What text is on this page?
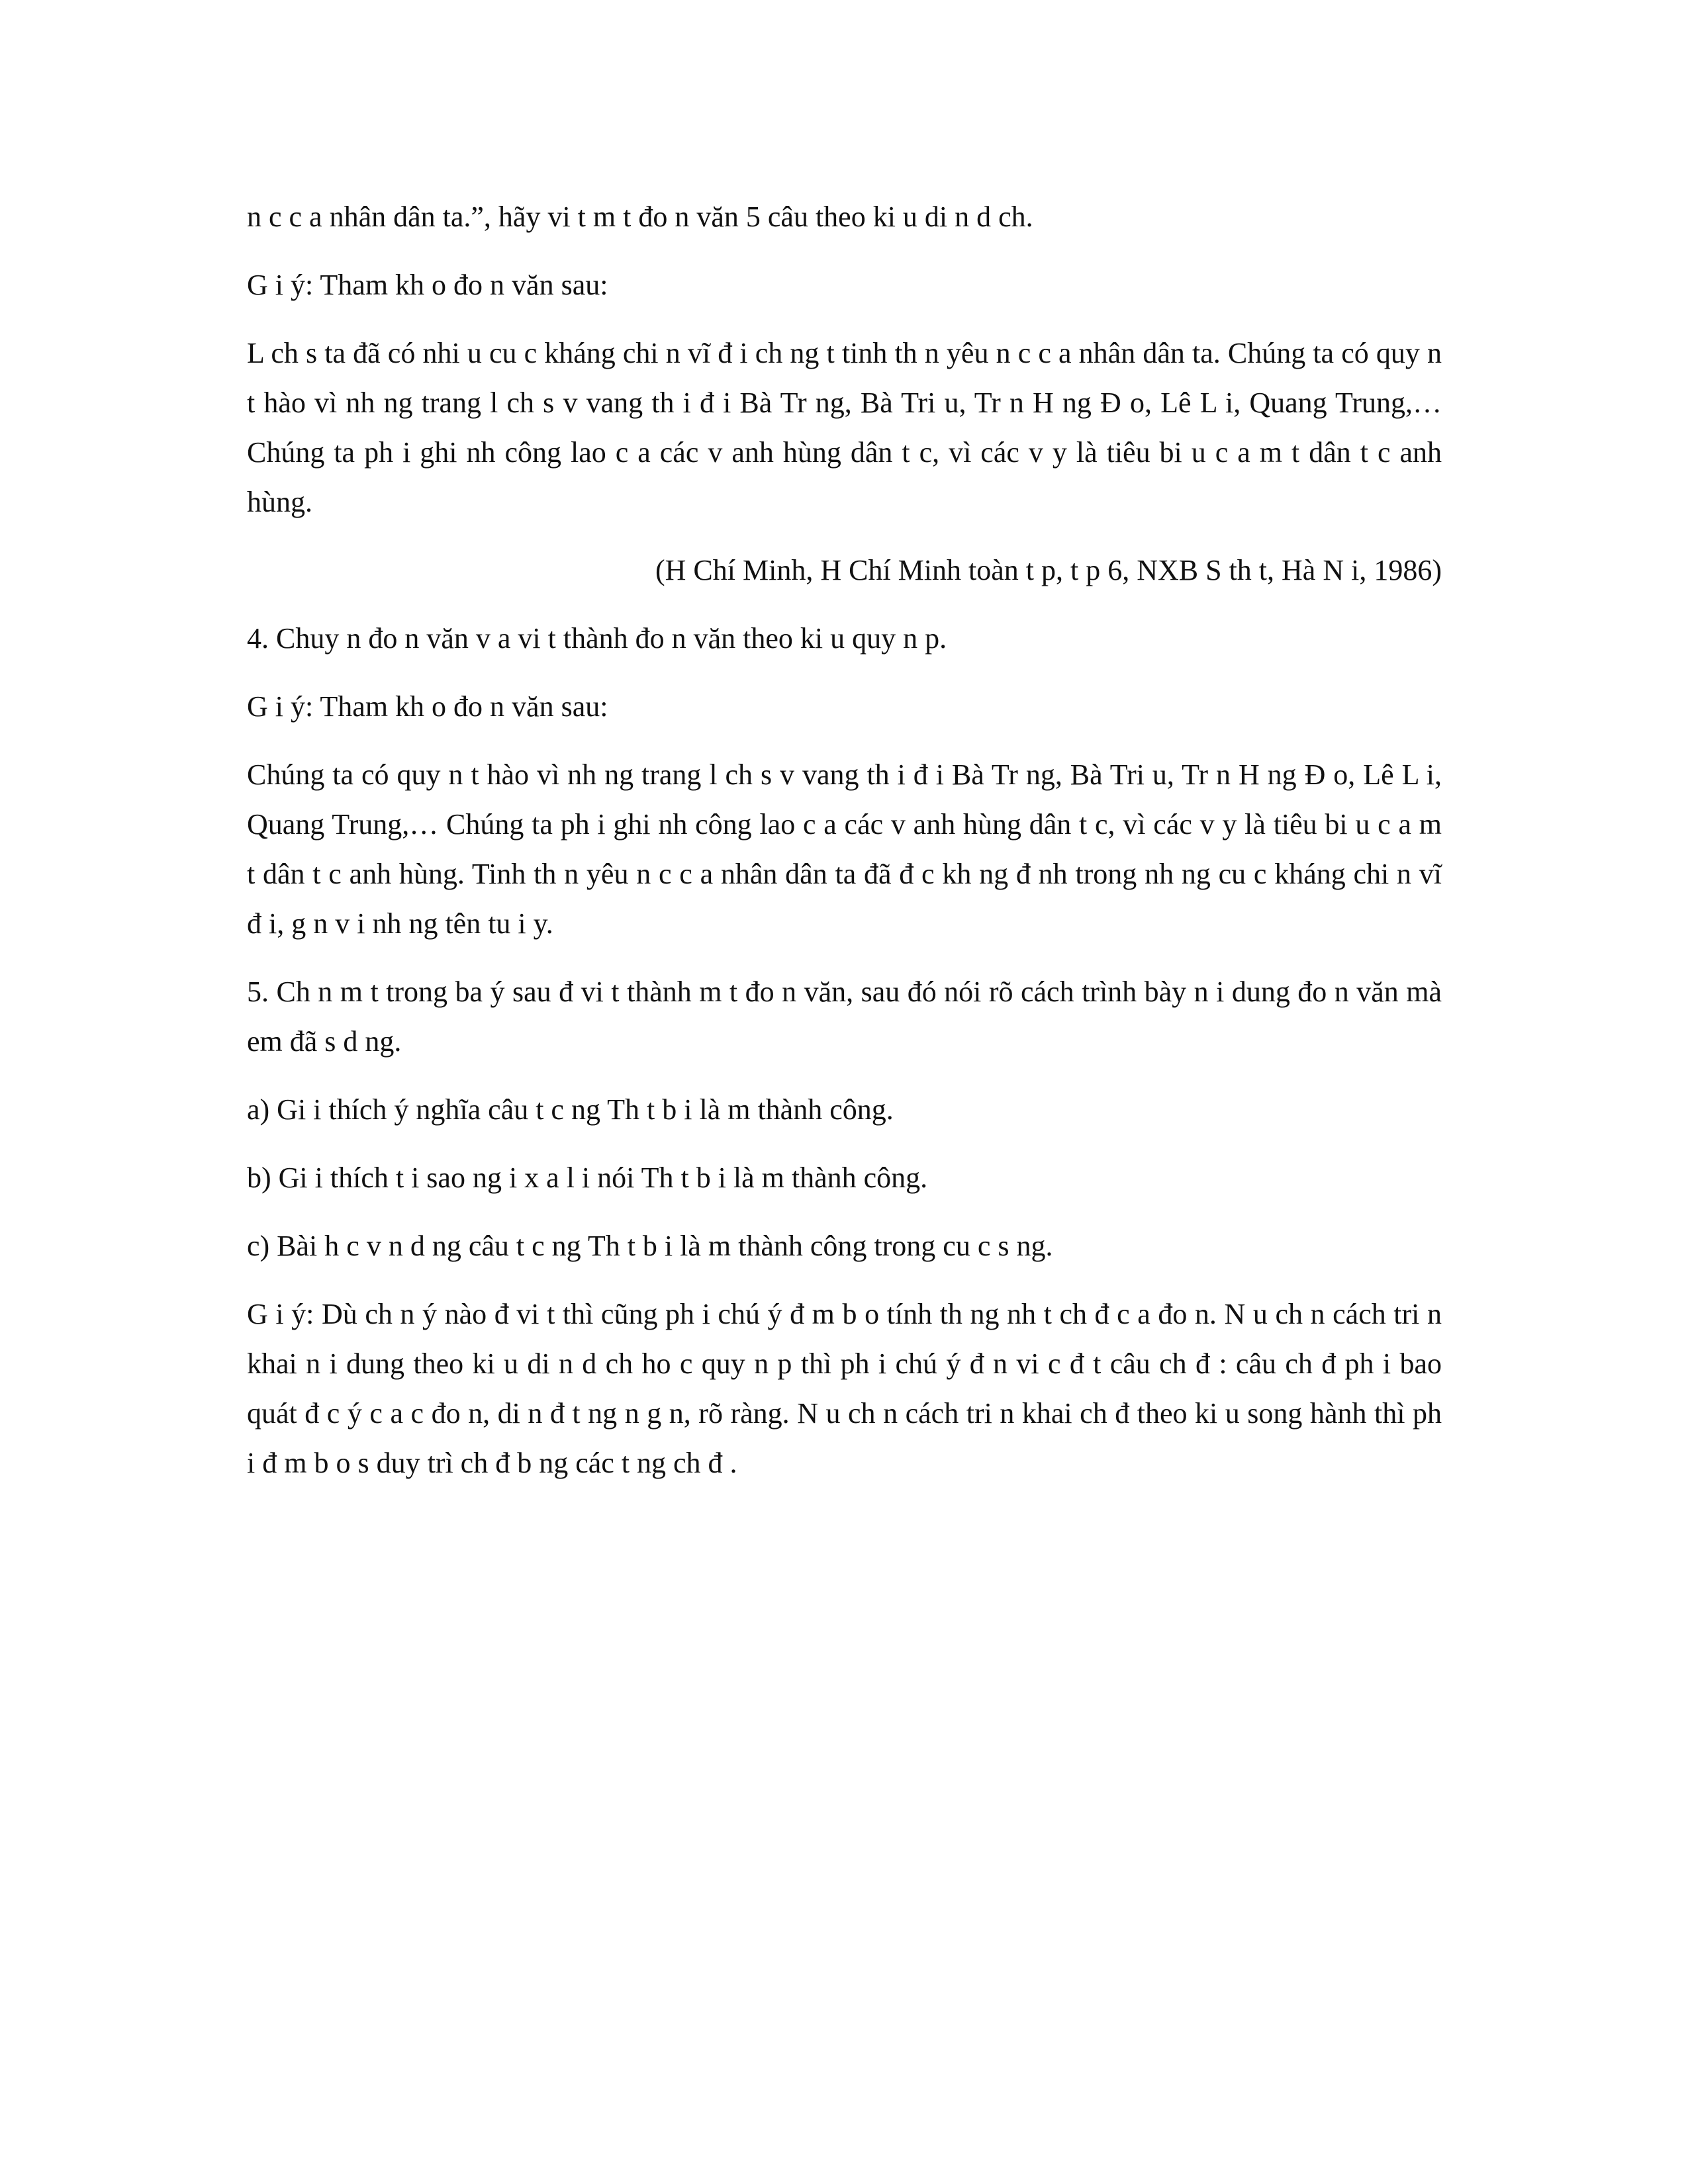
n c c a nhân dân ta.”, hãy vi t m t đo n văn 5 câu theo ki u di n d ch.

G i ý: Tham kh o đo n văn sau:

L ch s ta đã có nhi u cu c kháng chi n vĩ đ i ch ng t tinh th n yêu n c c a nhân dân ta. Chúng ta có quy n t hào vì nh ng trang l ch s v vang th i đ i Bà Tr ng, Bà Tri u, Tr n H ng Đ o, Lê L i, Quang Trung,… Chúng ta ph i ghi nh công lao c a các v anh hùng dân t c, vì các v y là tiêu bi u c a m t dân t c anh hùng.

(H Chí Minh, H Chí Minh toàn t p, t p 6, NXB S th t, Hà N i, 1986)

4. Chuy n đo n văn v a vi t thành đo n văn theo ki u quy n p.

G i ý: Tham kh o đo n văn sau:

Chúng ta có quy n t hào vì nh ng trang l ch s v vang th i đ i Bà Tr ng, Bà Tri u, Tr n H ng Đ o, Lê L i, Quang Trung,… Chúng ta ph i ghi nh công lao c a các v anh hùng dân t c, vì các v y là tiêu bi u c a m t dân t c anh hùng. Tinh th n yêu n c c a nhân dân ta đã đ c kh ng đ nh trong nh ng cu c kháng chi n vĩ đ i, g n v i nh ng tên tu i y.

5. Ch n m t trong ba ý sau đ vi t thành m t đo n văn, sau đó nói rõ cách trình bày n i dung đo n văn mà em đã s d ng.

a) Gi i thích ý nghĩa câu t c ng Th t b i là m thành công.

b) Gi i thích t i sao ng i x a l i nói Th t b i là m thành công.

c) Bài h c v n d ng câu t c ng Th t b i là m thành công trong cu c s ng.

G i ý: Dù ch n ý nào đ vi t thì cũng ph i chú ý đ m b o tính th ng nh t ch đ c a đo n. N u ch n cách tri n khai n i dung theo ki u di n d ch ho c quy n p thì ph i chú ý đ n vi c đ t câu ch đ : câu ch đ ph i bao quát đ c ý c a c đo n, di n đ t ng n g n, rõ ràng. N u ch n cách tri n khai ch đ theo ki u song hành thì ph i đ m b o s duy trì ch đ b ng các t ng ch đ .
